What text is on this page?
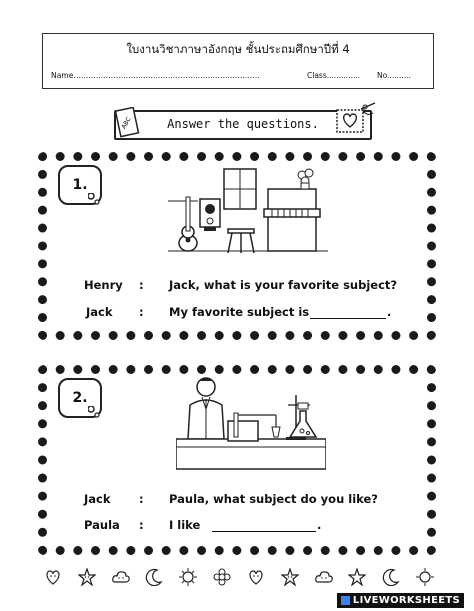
ใบงานวิชาภาษาอังกฤษ ชั้นประถมศึกษาปีที่ 4
Name...........................................................................	Class.............. No..........
Answer the questions.
ABC
1.
Henry : Jack, what is your favorite subject?
Jack : My favorite subject is	.
2.
Jack : Paula, what subject do you like?
Paula : I like	.
LIVEWORKSHEETS
